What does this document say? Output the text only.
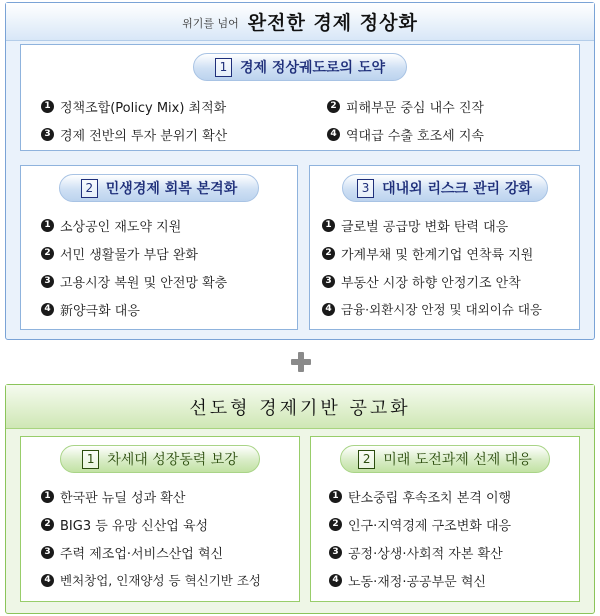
위기를 넘어 완전한 경제 정상화
1 경제 정상궤도로의 도약
1 정책조합(Policy Mix) 최적화	2 피해부문 중심 내수 진작
3 경제 전반의 투자 분위기 확산	4 역대급 수출 호조세 지속
2 민생경제 회복 본격화
1 소상공인 재도약 지원
2 서민 생활물가 부담 완화
3 고용시장 복원 및 안전망 확충
4 新양극화 대응
3 대내외 리스크 관리 강화
1 글로벌 공급망 변화 탄력 대응
2 가계부채 및 한계기업 연착륙 지원
3 부동산 시장 하향 안정기조 안착
4 금융·외환시장 안정 및 대외이슈 대응
선도형 경제기반 공고화
1 차세대 성장동력 보강
1 한국판 뉴딜 성과 확산
2 BIG3 등 유망 신산업 육성
3 주력 제조업·서비스산업 혁신
4 벤처창업, 인재양성 등 혁신기반 조성
2 미래 도전과제 선제 대응
1 탄소중립 후속조치 본격 이행
2 인구·지역경제 구조변화 대응
3 공정·상생·사회적 자본 확산
4 노동·재정·공공부문 혁신
